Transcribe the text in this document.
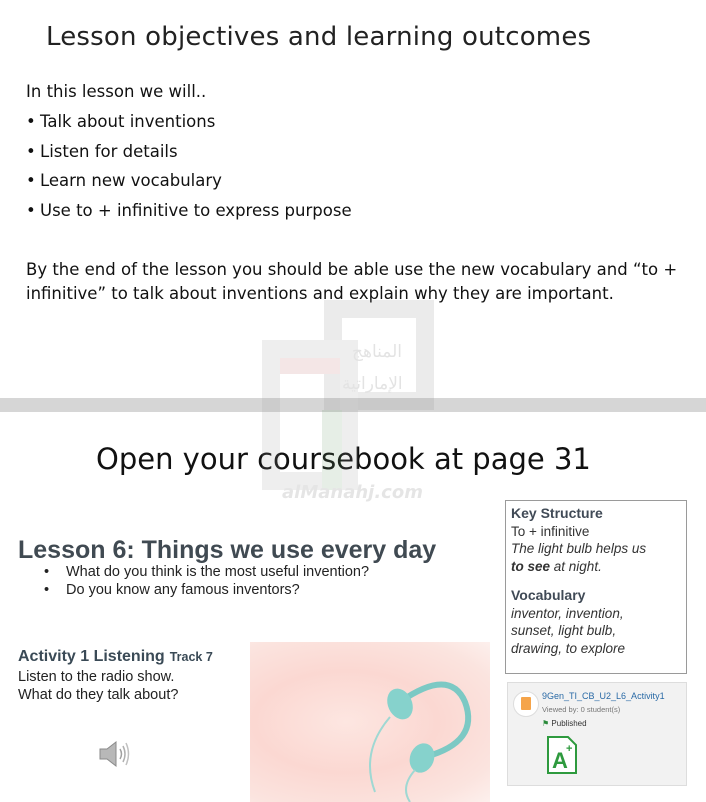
Lesson objectives and learning outcomes
In this lesson we will..
• Talk about inventions
• Listen for details
• Learn new vocabulary
• Use to + infinitive to express purpose
By the end of the lesson you should be able use the new vocabulary and “to + infinitive” to talk about inventions and explain why they are important.
Open your coursebook at page 31
Lesson 6: Things we use every day
•	What do you think is the most useful invention?
•	Do you know any famous inventors?
Activity 1 Listening Track 7
Listen to the radio show.
What do they talk about?
Key Structure
To + infinitive
The light bulb helps us
to see at night.
Vocabulary
inventor, invention,
sunset, light bulb,
drawing, to explore
9Gen_TI_CB_U2_L6_Activity1
Viewed by: 0 student(s)
⚑ Published
A
+
